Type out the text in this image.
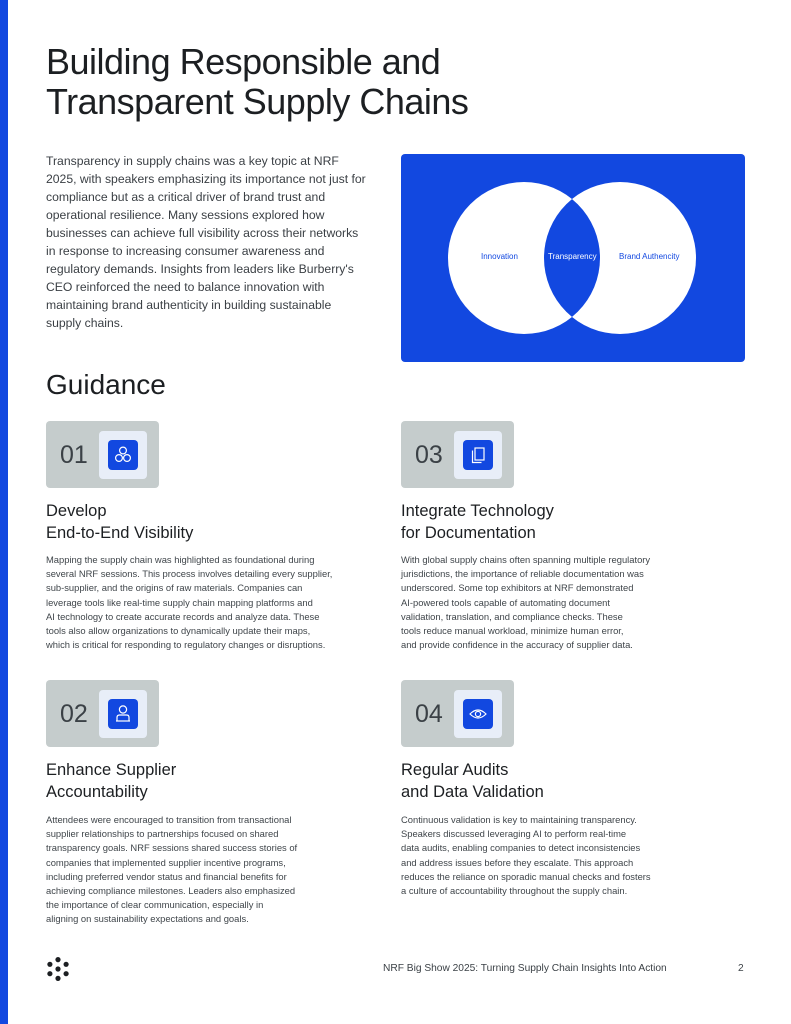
Building Responsible and
Transparent Supply Chains

Transparency in supply chains was a key topic at NRF 2025, with speakers emphasizing its importance not just for compliance but as a critical driver of brand trust and operational resilience. Many sessions explored how businesses can achieve full visibility across their networks in response to increasing consumer awareness and regulatory demands. Insights from leaders like Burberry's CEO reinforced the need to balance innovation with maintaining brand authenticity in building sustainable supply chains.

Innovation	Transparency	Brand Authencity
Guidance
01
Develop
End-to-End Visibility

Mapping the supply chain was highlighted as foundational during
several NRF sessions. This process involves detailing every supplier,
sub-supplier, and the origins of raw materials. Companies can
leverage tools like real-time supply chain mapping platforms and
AI technology to create accurate records and analyze data. These
tools also allow organizations to dynamically update their maps,
which is critical for responding to regulatory changes or disruptions.

02
Enhance Supplier
Accountability

Attendees were encouraged to transition from transactional
supplier relationships to partnerships focused on shared
transparency goals. NRF sessions shared success stories of
companies that implemented supplier incentive programs,
including preferred vendor status and financial benefits for
achieving compliance milestones. Leaders also emphasized
the importance of clear communication, especially in
aligning on sustainability expectations and goals.

03
Integrate Technology
for Documentation

With global supply chains often spanning multiple regulatory
jurisdictions, the importance of reliable documentation was
underscored. Some top exhibitors at NRF demonstrated
AI-powered tools capable of automating document
validation, translation, and compliance checks. These
tools reduce manual workload, minimize human error,
and provide confidence in the accuracy of supplier data.

04
Regular Audits
and Data Validation

Continuous validation is key to maintaining transparency.
Speakers discussed leveraging AI to perform real-time
data audits, enabling companies to detect inconsistencies
and address issues before they escalate. This approach
reduces the reliance on sporadic manual checks and fosters
a culture of accountability throughout the supply chain.

NRF Big Show 2025: Turning Supply Chain Insights Into Action	2
